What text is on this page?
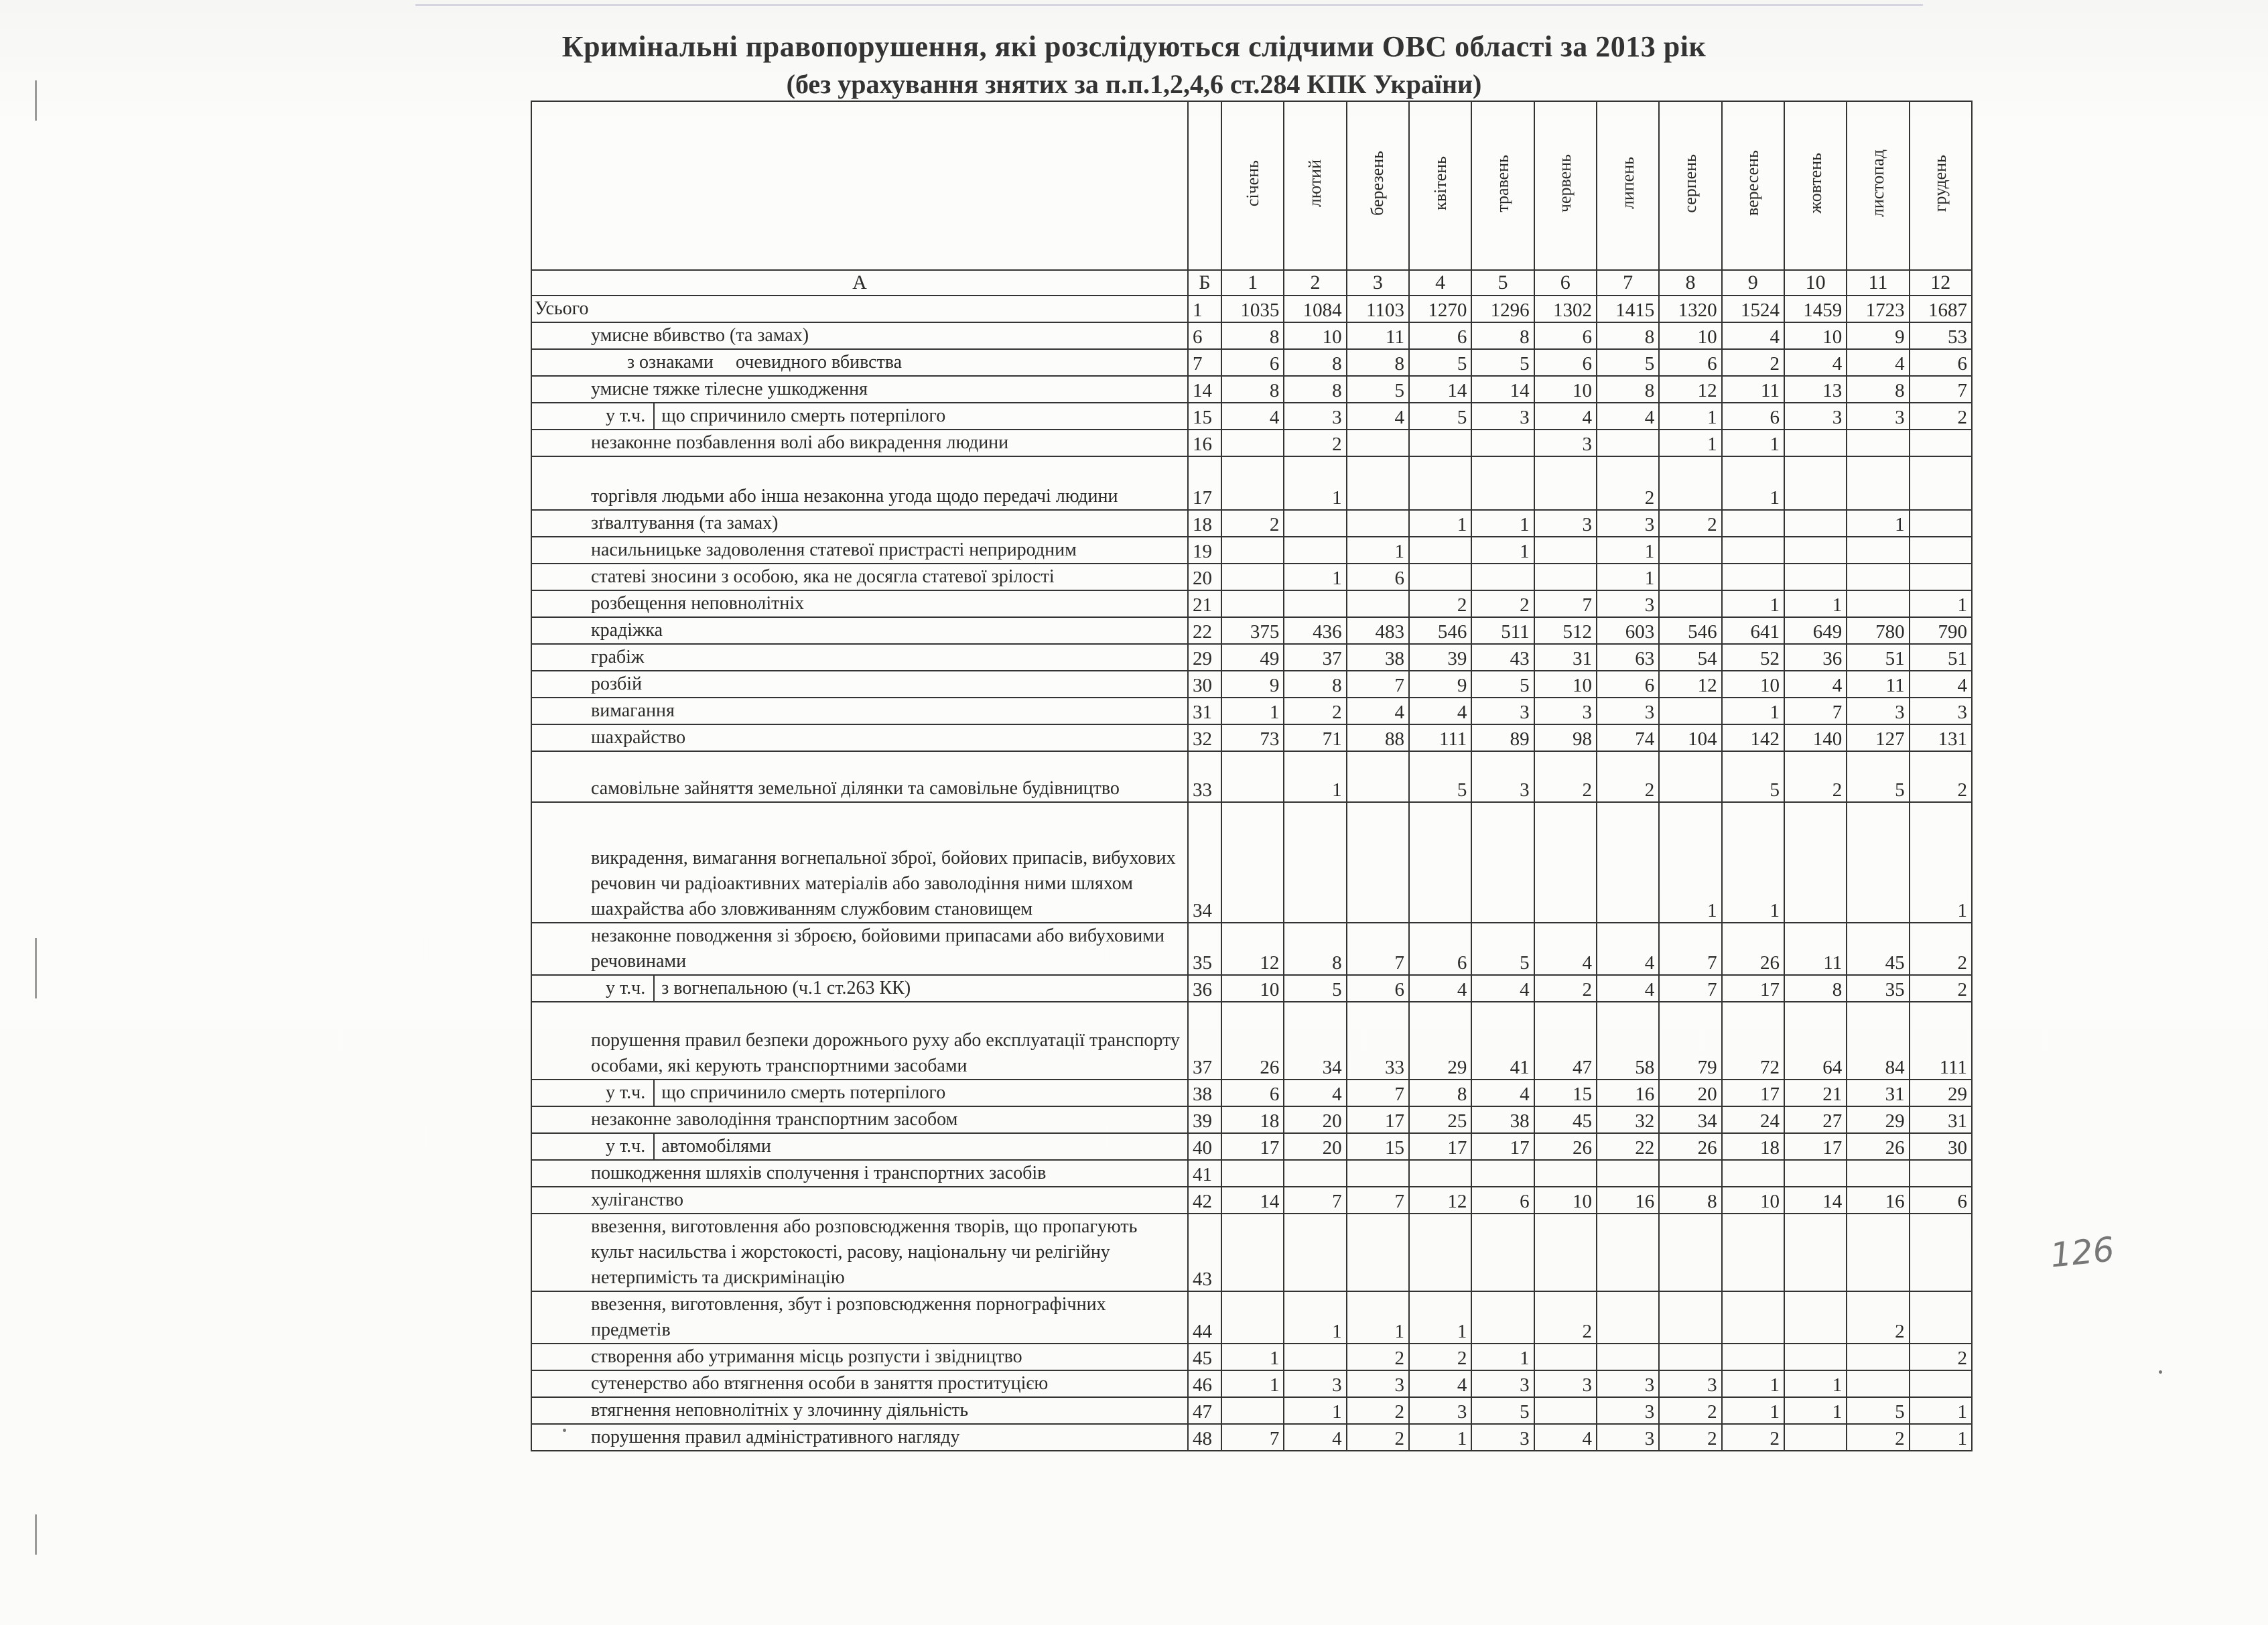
Кримінальні правопорушення, які розслідуються слідчими ОВС області за 2013 рік
(без урахування знятих за п.п.1,2,4,6 ст.284 КПК України)
		січень	лютий	березень	квітень	травень	червень	липень	серпень	вересень	жовтень	листопад	грудень
А	Б	1	2	3	4	5	6	7	8	9	10	11	12
Усього	1	1035	1084	1103	1270	1296	1302	1415	1320	1524	1459	1723	1687
умисне вбивство (та замах)	6	8	10	11	6	8	6	8	10	4	10	9	53

з ознаками очевидного вбивства	7	6	8	8	5	5	6	5	6	2	4	4	6
умисне тяжке тілесне ушкодження	14	8	8	5	14	14	10	8	12	11	13	8	7

у т.ч. що спричинило смерть потерпілого	15	4	3	4	5	3	4	4	1	6	3	3	2
незаконне позбавлення волі або викрадення людини	16		2				3		1	1			
торгівля людьми або інша незаконна угода щодо передачі людини	17		1					2		1			
зґвалтування (та замах)	18	2			1	1	3	3	2			1	
насильницьке задоволення статевої пристрасті неприродним	19			1		1		1					
статеві зносини з особою, яка не досягла статевої зрілості	20		1	6				1					
розбещення неповнолітніх	21				2	2	7	3		1	1		1
крадіжка	22	375	436	483	546	511	512	603	546	641	649	780	790
грабіж	29	49	37	38	39	43	31	63	54	52	36	51	51
розбій	30	9	8	7	9	5	10	6	12	10	4	11	4
вимагання	31	1	2	4	4	3	3	3		1	7	3	3
шахрайство	32	73	71	88	111	89	98	74	104	142	140	127	131
самовільне зайняття земельної ділянки та самовільне будівництво	33		1		5	3	2	2		5	2	5	2
викрадення, вимагання вогнепальної зброї, бойових припасів, вибухових речовин чи радіоактивних матеріалів або заволодіння ними шляхом шахрайства або зловживанням службовим становищем	34								1	1			1
незаконне поводження зі зброєю, бойовими припасами або вибуховими речовинами	35	12	8	7	6	5	4	4	7	26	11	45	2

у т.ч. з вогнепальною (ч.1 ст.263 КК)	36	10	5	6	4	4	2	4	7	17	8	35	2
порушення правил безпеки дорожнього руху або експлуатації транспорту особами, які керують транспортними засобами	37	26	34	33	29	41	47	58	79	72	64	84	111

у т.ч. що спричинило смерть потерпілого	38	6	4	7	8	4	15	16	20	17	21	31	29
незаконне заволодіння транспортним засобом	39	18	20	17	25	38	45	32	34	24	27	29	31

у т.ч. автомобілями	40	17	20	15	17	17	26	22	26	18	17	26	30
пошкодження шляхів сполучення і транспортних засобів	41												
хуліганство	42	14	7	7	12	6	10	16	8	10	14	16	6
ввезення, виготовлення або розповсюдження творів, що пропагують культ насильства і жорстокості, расову, національну чи релігійну нетерпимість та дискримінацію	43												
ввезення, виготовлення, збут і розповсюдження порнографічних предметів	44		1	1	1		2					2	
створення або утримання місць розпусти і звідництво	45	1		2	2	1							2
сутенерство або втягнення особи в заняття проституцією	46	1	3	3	4	3	3	3	3	1	1		
втягнення неповнолітніх у злочинну діяльність	47		1	2	3	5		3	2	1	1	5	1
порушення правил адміністративного нагляду	48	7	4	2	1	3	4	3	2	2		2	1
126
